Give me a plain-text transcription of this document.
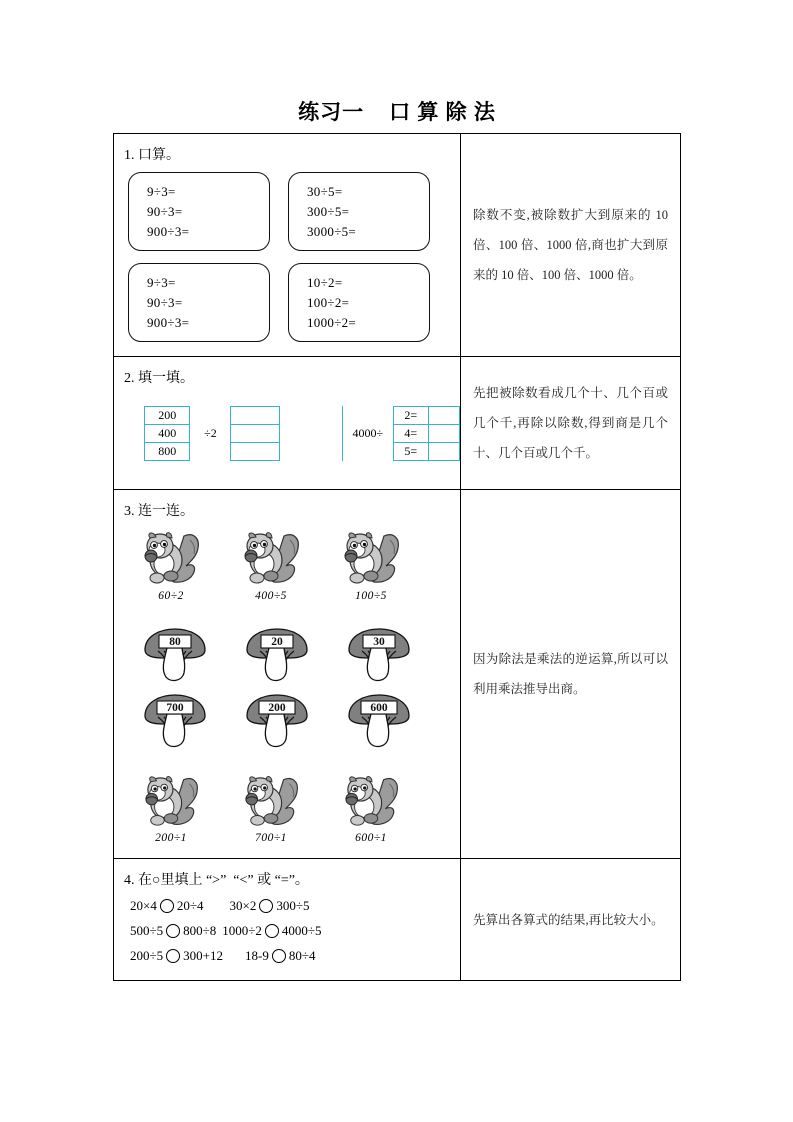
练习一    口 算 除 法
1. 口算。
9÷3=
90÷3=
900÷3=
30÷5=
300÷5=
3000÷5=
9÷3=
90÷3=
900÷3=
10÷2=
100÷2=
1000÷2=
除数不变,被除数扩大到原来的 10 倍、100 倍、1000 倍,商也扩大到原来的 10 倍、100 倍、1000 倍。
2. 填一填。
200	÷2	
400		
800		
4000÷	2=	
	4=	
	5=	
先把被除数看成几个十、几个百或几个千,再除以除数,得到商是几个十、几个百或几个千。
3. 连一连。
60÷2	400÷5	100÷5
80	20	30
700	200	600
200÷1	700÷1	600÷1
因为除法是乘法的逆运算,所以可以利用乘法推导出商。
4. 在○里填上 “>”  “<” 或 “=”。
20×4 20÷4 30×2 300÷5
500÷5 800÷8 1000÷2 4000÷5
200÷5 300+12 18-9 80÷4
先算出各算式的结果,再比较大小。
